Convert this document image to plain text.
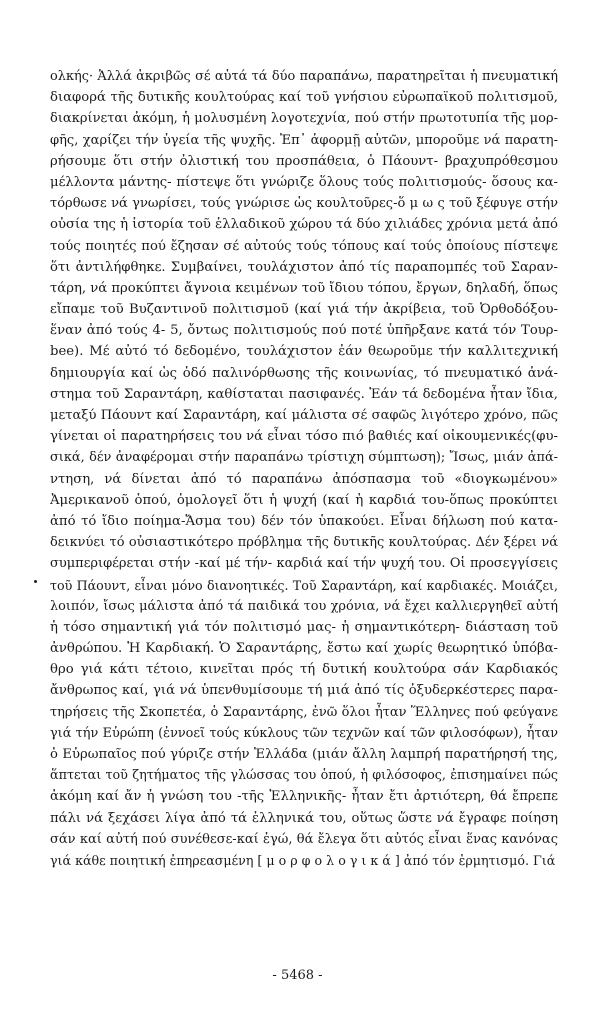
ολκής· Ἀλλά ἀκριβῶς σέ αὐτά τά δύο παραπάνω, παρατηρεῖται ἡ πνευματική
διαφορά τῆς δυτικῆς κουλτούρας καί τοῦ γνήσιου εὐρωπαϊκοῦ πολιτισμοῦ,
διακρίνεται ἀκόμη, ἡ μολυσμένη λογοτεχνία, πού στήν πρωτοτυπία τῆς μορ-
φῆς, χαρίζει τήν ὑγεία τῆς ψυχῆς. Ἐπ᾽ ἀφορμῇ αὐτῶν, μποροῦμε νά παρατη-
ρήσουμε ὅτι στήν ὀλιστική του προσπάθεια, ὁ Πάουντ- βραχυπρόθεσμου
μέλλοντα μάντης- πίστεψε ὅτι γνώριζε ὅλους τούς πολιτισμούς- ὅσους κα-
τόρθωσε νά γνωρίσει, τούς γνώρισε ὡς κουλτοῦρες-ὅ μ ω ς τοῦ ξέφυγε στήν
οὐσία της ἡ ἱστορία τοῦ ἑλλαδικοῦ χώρου τά δύο χιλιάδες χρόνια μετά ἀπό
τούς ποιητές πού ἔζησαν σέ αὐτούς τούς τόπους καί τούς ὁποίους πίστεψε
ὅτι ἀντιλήφθηκε. Συμβαίνει, τουλάχιστον ἀπό τίς παραπομπές τοῦ Σαραν-
τάρη, νά προκύπτει ἄγνοια κειμένων τοῦ ἴδιου τόπου, ἔργων, δηλαδή, ὅπως
εἴπαμε τοῦ Βυζαντινοῦ πολιτισμοῦ (καί γιά τήν ἀκρίβεια, τοῦ Ὀρθοδόξου-
ἕναν ἀπό τούς 4- 5, ὄντως πολιτισμούς πού ποτέ ὑπῆρξανε κατά τόν Τουρ-
bee). Μέ αὐτό τό δεδομένο, τουλάχιστον ἐάν θεωροῦμε τήν καλλιτεχνική
δημιουργία καί ὡς ὁδό παλινόρθωσης τῆς κοινωνίας, τό πνευματικό ἀνά-
στημα τοῦ Σαραντάρη, καθίσταται πασιφανές. Ἐάν τά δεδομένα ἦταν ἴδια,
μεταξύ Πάουντ καί Σαραντάρη, καί μάλιστα σέ σαφῶς λιγότερο χρόνο, πῶς
γίνεται οἱ παρατηρήσεις του νά εἶναι τόσο πιό βαθιές καί οἰκουμενικές(φυ-
σικά, δέν ἀναφέρομαι στήν παραπάνω τρίστιχη σύμπτωση); Ἴσως, μιάν ἀπά-
ντηση, νά δίνεται ἀπό τό παραπάνω ἀπόσπασμα τοῦ «διογκωμένου»
Ἀμερικανοῦ ὁπού, ὁμολογεῖ ὅτι ἡ ψυχή (καί ἡ καρδιά του-ὅπως προκύπτει
ἀπό τό ἴδιο ποίημα-Ἄσμα του) δέν τόν ὑπακούει. Εἶναι δήλωση πού κατα-
δεικνύει τό οὐσιαστικότερο πρόβλημα τῆς δυτικῆς κουλτούρας. Δέν ξέρει νά
συμπεριφέρεται στήν -καί μέ τήν- καρδιά καί τήν ψυχή του. Οἱ προσεγγίσεις
τοῦ Πάουντ, εἶναι μόνο διανοητικές. Τοῦ Σαραντάρη, καί καρδιακές. Μοιάζει,
λοιπόν, ἴσως μάλιστα ἀπό τά παιδικά του χρόνια, νά ἔχει καλλιεργηθεῖ αὐτή
ἡ τόσο σημαντική γιά τόν πολιτισμό μας- ἡ σημαντικότερη- διάσταση τοῦ
ἀνθρώπου. Ἡ Καρδιακή. Ὁ Σαραντάρης, ἔστω καί χωρίς θεωρητικό ὑπόβα-
θρο γιά κάτι τέτοιο, κινεῖται πρός τή δυτική κουλτούρα σάν Καρδιακός
ἄνθρωπος καί, γιά νά ὑπενθυμίσουμε τή μιά ἀπό τίς ὀξυδερκέστερες παρα-
τηρήσεις τῆς Σκοπετέα, ὁ Σαραντάρης, ἐνῶ ὅλοι ἦταν Ἕλληνες πού φεύγανε
γιά τήν Εὐρώπη (ἐννοεῖ τούς κύκλους τῶν τεχνῶν καί τῶν φιλοσόφων), ἦταν
ὁ Εὐρωπαῖος πού γύριζε στήν Ἑλλάδα (μιάν ἄλλη λαμπρή παρατήρησή της,
ἅπτεται τοῦ ζητήματος τῆς γλώσσας του ὁπού, ἡ φιλόσοφος, ἐπισημαίνει πώς
ἀκόμη καί ἄν ἡ γνώση του -τῆς Ἑλληνικῆς- ἦταν ἔτι ἀρτιότερη, θά ἔπρεπε
πάλι νά ξεχάσει λίγα ἀπό τά ἑλληνικά του, οὕτως ὥστε νά ἔγραφε ποίηση
σάν καί αὐτή πού συνέθεσε-καί ἐγώ, θά ἔλεγα ὅτι αὐτός εἶναι ἕνας κανόνας
γιά κάθε ποιητική ἐπηρεασμένη [ μ ο ρ φ ο λ ο γ ι κ ά ] ἀπό τόν ἑρμητισμό. Γιά
- 5468 -
